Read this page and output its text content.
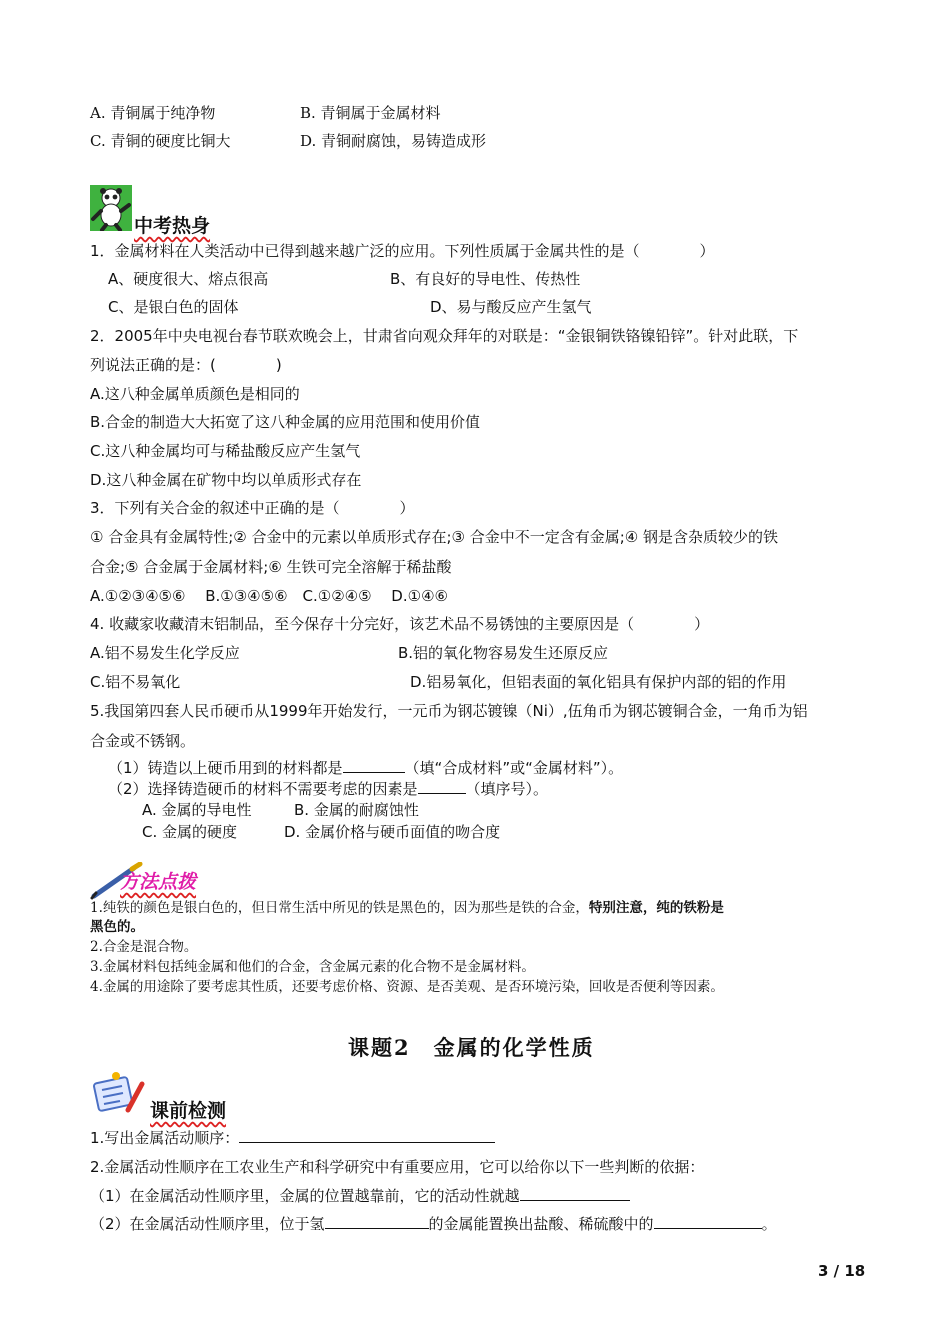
A. 青铜属于纯净物	B. 青铜属于金属材料
C. 青铜的硬度比铜大	D. 青铜耐腐蚀，易铸造成形
中考热身
1．金属材料在人类活动中已得到越来越广泛的应用。下列性质属于金属共性的是（　　　　）
A、硬度很大、熔点很高	B、有良好的导电性、传热性
C、是银白色的固体	D、易与酸反应产生氢气
2．2005年中央电视台春节联欢晚会上，甘肃省向观众拜年的对联是：“金银铜铁铬镍铅锌”。针对此联，下
列说法正确的是：(　　　　)
A.这八种金属单质颜色是相同的
B.合金的制造大大拓宽了这八种金属的应用范围和使用价值
C.这八种金属均可与稀盐酸反应产生氢气
D.这八种金属在矿物中均以单质形式存在
3．下列有关合金的叙述中正确的是（　　　　）
① 合金具有金属特性;② 合金中的元素以单质形式存在;③ 合金中不一定含有金属;④ 钢是含杂质较少的铁
合金;⑤ 合金属于金属材料;⑥ 生铁可完全溶解于稀盐酸
A.①②③④⑤⑥　 B.①③④⑤⑥　C.①②④⑤　 D.①④⑥
4. 收藏家收藏清末铝制品，至今保存十分完好，该艺术品不易锈蚀的主要原因是（　　　　）
A.铝不易发生化学反应	B.铝的氧化物容易发生还原反应
C.铝不易氧化	D.铝易氧化，但铝表面的氧化铝具有保护内部的铝的作用
5.我国第四套人民币硬币从1999年开始发行，一元币为钢芯镀镍（Ni）,伍角币为钢芯镀铜合金，一角币为铝
合金或不锈钢。
（1）铸造以上硬币用到的材料都是	（填“合成材料”或“金属材料”）。
（2）选择铸造硬币的材料不需要考虑的因素是	（填序号）。
A. 金属的导电性	B. 金属的耐腐蚀性
C. 金属的硬度	D. 金属价格与硬币面值的吻合度
方法点拨
1.纯铁的颜色是银白色的，但日常生活中所见的铁是黑色的，因为那些是铁的合金，特别注意，纯的铁粉是
黑色的。
2.合金是混合物。
3.金属材料包括纯金属和他们的合金，含金属元素的化合物不是金属材料。
4.金属的用途除了要考虑其性质，还要考虑价格、资源、是否美观、是否环境污染，回收是否便利等因素。
课题2　金属的化学性质
课前检测
1.写出金属活动顺序：
2.金属活动性顺序在工农业生产和科学研究中有重要应用，它可以给你以下一些判断的依据：
（1）在金属活动性顺序里，金属的位置越靠前，它的活动性就越
（2）在金属活动性顺序里，位于氢	的金属能置换出盐酸、稀硫酸中的	。
3 / 18
